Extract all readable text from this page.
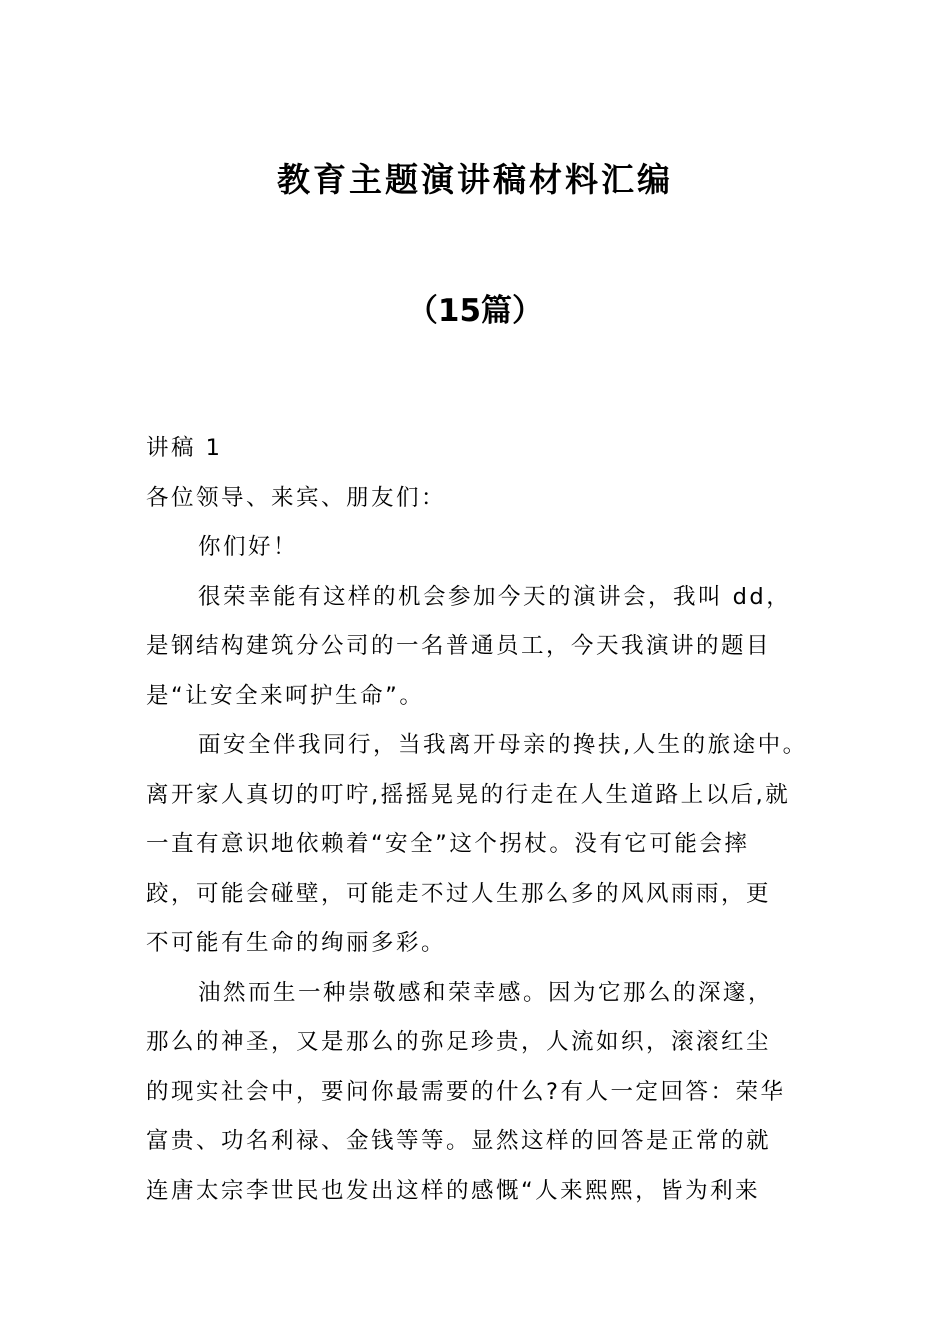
教育主题演讲稿材料汇编
（15篇）
讲稿 1
各位领导、来宾、朋友们：
你们好！
很荣幸能有这样的机会参加今天的演讲会，我叫 dd，
是钢结构建筑分公司的一名普通员工，今天我演讲的题目
是“让安全来呵护生命”。
面安全伴我同行，当我离开母亲的搀扶,人生的旅途中。
离开家人真切的叮咛,摇摇晃晃的行走在人生道路上以后,就
一直有意识地依赖着“安全”这个拐杖。没有它可能会摔
跤，可能会碰壁，可能走不过人生那么多的风风雨雨，更
不可能有生命的绚丽多彩。
油然而生一种崇敬感和荣幸感。因为它那么的深邃，
那么的神圣，又是那么的弥足珍贵，人流如织，滚滚红尘
的现实社会中，要问你最需要的什么?有人一定回答：荣华
富贵、功名利禄、金钱等等。显然这样的回答是正常的就
连唐太宗李世民也发出这样的感慨“人来熙熙，皆为利来
